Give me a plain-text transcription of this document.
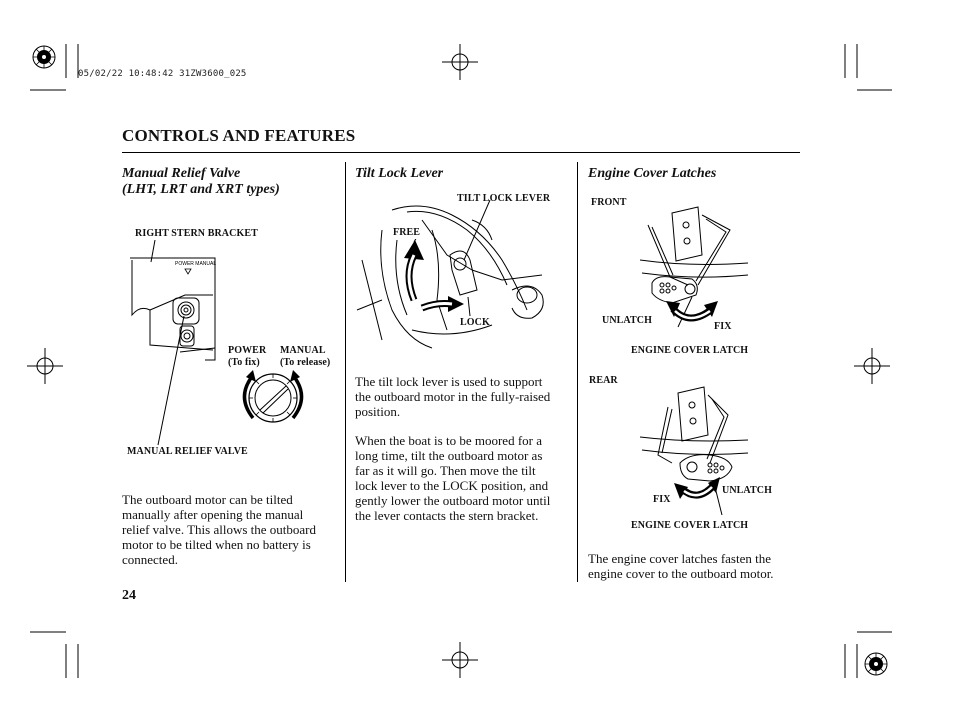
05/02/22 10:48:42 31ZW3600_025
CONTROLS AND FEATURES
Manual Relief Valve
(LHT, LRT and XRT types)
RIGHT STERN BRACKET
POWER MANUAL
POWER
(To fix)
MANUAL
(To release)
MANUAL RELIEF VALVE
The outboard motor can be tilted
manually after opening the manual
relief valve. This allows the outboard
motor to be tilted when no battery is
connected.
24
Tilt Lock Lever
TILT LOCK LEVER
FREE
LOCK
The tilt lock lever is used to support
the outboard motor in the fully-raised
position.
When the boat is to be moored for a
long time, tilt the outboard motor as
far as it will go. Then move the tilt
lock lever to the LOCK position, and
gently lower the outboard motor until
the lever contacts the stern bracket.
Engine Cover Latches
FRONT
UNLATCH
FIX
ENGINE COVER LATCH
REAR
UNLATCH
FIX
ENGINE COVER LATCH
The engine cover latches fasten the
engine cover to the outboard motor.
